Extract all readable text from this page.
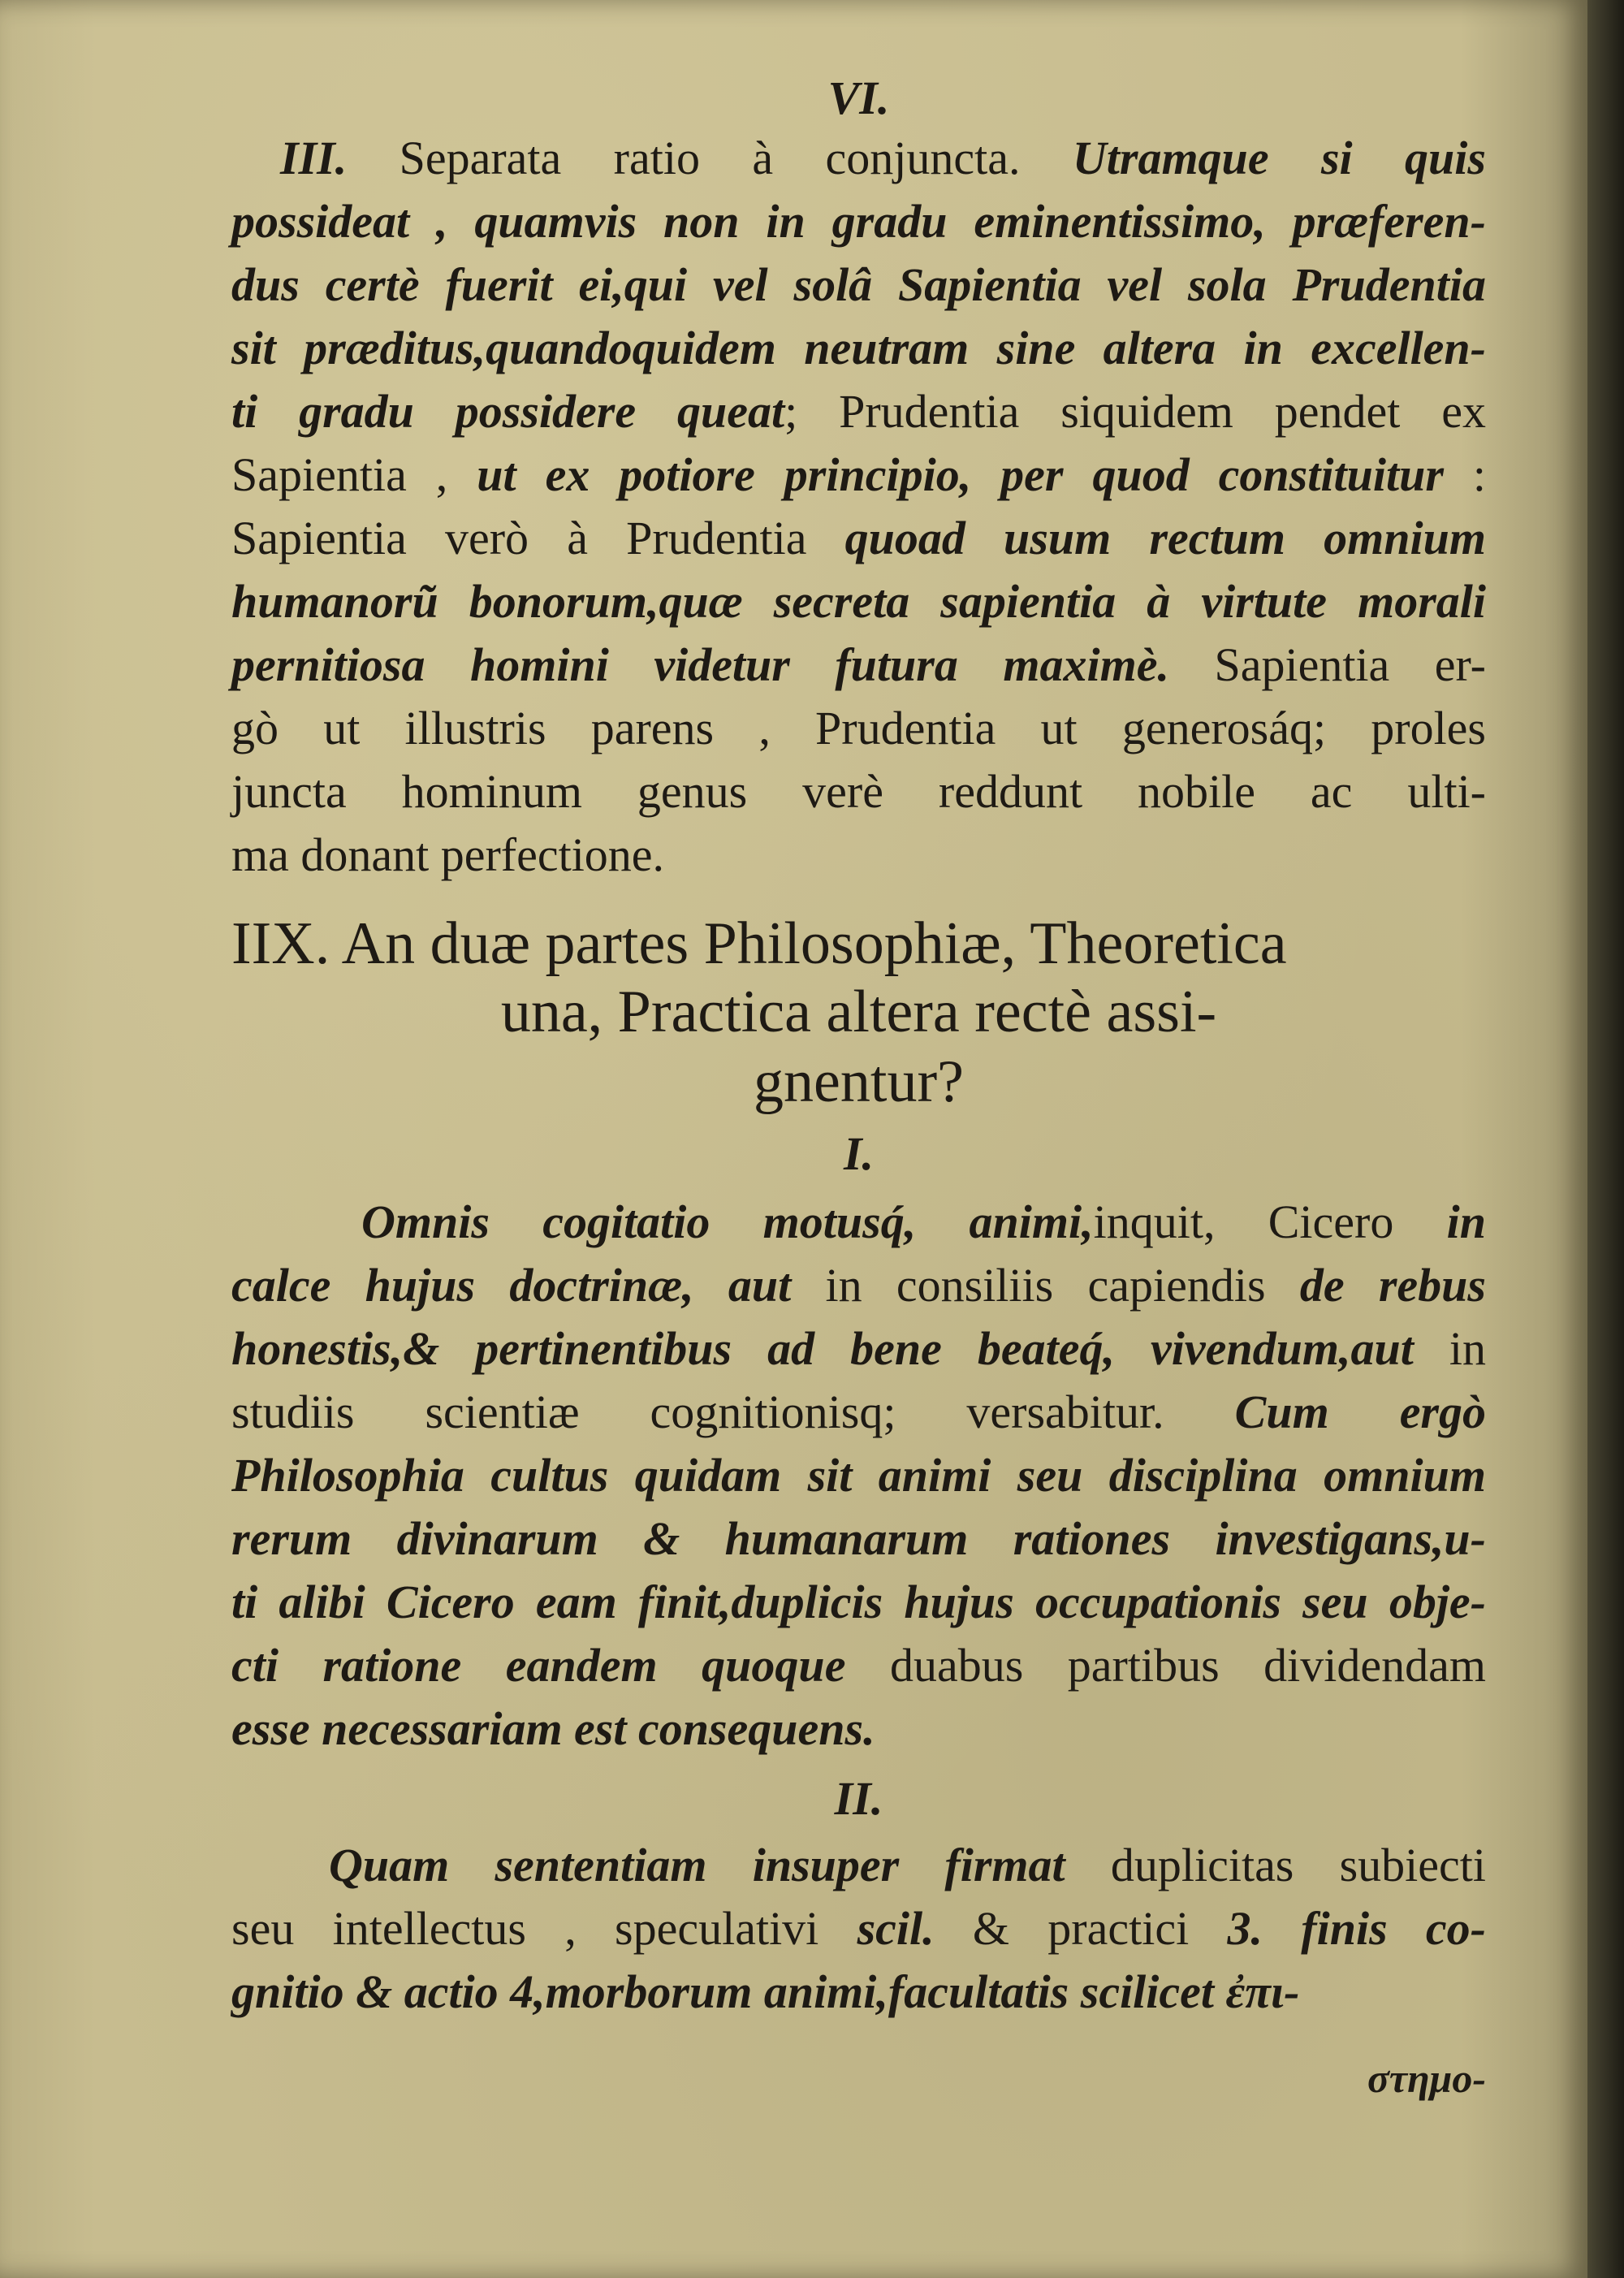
VI.
III. Separata ratio à conjuncta. Utramque si quis
possideat , quamvis non in gradu eminentissimo, præferen-
dus certè fuerit ei,qui vel solâ Sapientia vel sola Prudentia
sit præditus,quandoquidem neutram sine altera in excellen-
ti gradu possidere queat; Prudentia siquidem pendet ex
Sapientia , ut ex potiore principio, per quod constituitur :
Sapientia verò à Prudentia quoad usum rectum omnium
humanorũ bonorum,quæ secreta sapientia à virtute morali
pernitiosa homini videtur futura maximè. Sapientia er-
gò ut illustris parens , Prudentia ut generosáq; proles
juncta hominum genus verè reddunt nobile ac ulti-
ma donant perfectione.
IIX. An duæ partes Philosophiæ, Theoretica
una, Practica altera rectè assi-
gnentur?
I.
Omnis cogitatio motusq́, animi,inquit, Cicero in
calce hujus doctrinæ, aut in consiliis capiendis de rebus
honestis,& pertinentibus ad bene beateq́, vivendum,aut in
studiis scientiæ cognitionisq; versabitur. Cum ergò
Philosophia cultus quidam sit animi seu disciplina omnium
rerum divinarum & humanarum rationes investigans,u-
ti alibi Cicero eam finit,duplicis hujus occupationis seu obje-
cti ratione eandem quoque duabus partibus dividendam
esse necessariam est consequens.
II.
Quam sententiam insuper firmat duplicitas subiecti
seu intellectus , speculativi scil. & practici 3. finis co-
gnitio & actio 4,morborum animi,facultatis scilicet ἐπι-
στημο-
